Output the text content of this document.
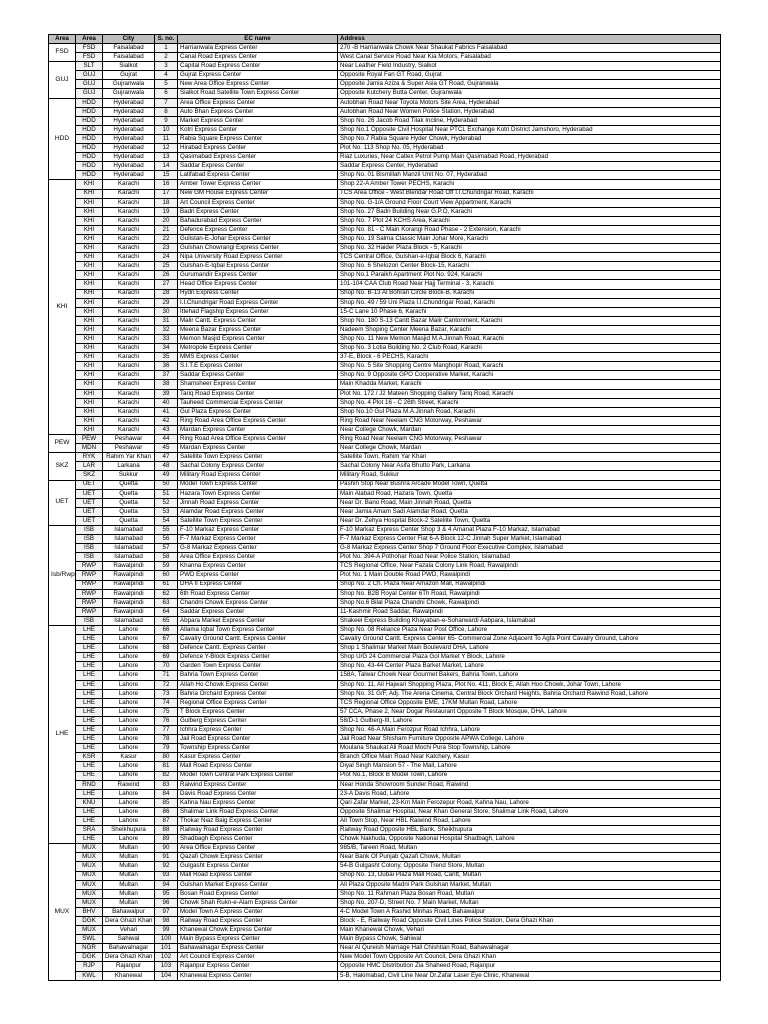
Area	Area	City	S. no.	EC name	Address
FSD	FSD	Faisalabad	1	Harrianwala Express Center	270 -B Harrianwala Chowk Near Shaukat Fabrics Faisalabad
	FSD	Faisalabad	2	Canal Road Express Center	West Canal Service Road Near Kia Motors, Faisalabad
GUJ	SLT	Sialkot	3	Capital Road Express Center	Near Leather Field Industry, Sialkot
	GUJ	Gujrat	4	Gujrat Express Center	Opposite Royal Fan GT Road, Gujrat
	GUJ	Gujranwala	5	New Area Office Express Center	Opposite Jamia Aziza & Super Asia GT Road, Gujranwala
	GUJ	Gujranwala	6	Sialkot Road Satellite Town Express Center	Opposite Kutchery Butta Center, Gujranwala
HDD	HDD	Hyderabad	7	Area Office Express Center	Autobhan Road Near Toyota Motors Site Area, Hyderabad
	HDD	Hyderabad	8	Auto Bhan Express Center	Autobhan Road Near Women Police Station, Hyderabad
	HDD	Hyderabad	9	Market Express Center	Shop No. 26 Jacob Road Tilak Incline, Hyderabad
	HDD	Hyderabad	10	Kotri Express Center	Shop No.1 Opposite Civil Hospital Near PTCL Exchange Kotri District Jamshoro, Hyderabad
	HDD	Hyderabad	11	Rabia Square Express Center	Shop No.7 Rabia Square Hyder Chowk, Hyderabad
	HDD	Hyderabad	12	Hirabad Express Center	Plot No. 113 Shop No. 05, Hyderabad
	HDD	Hyderabad	13	Qasimabad Express Center	Riaz Luxuries, Near Caltex Petrol Pump Main Qasimabad Road, Hyderabad
	HDD	Hyderabad	14	Saddar Express Center	Saddar Express Center, Hyderabad
	HDD	Hyderabad	15	Latifabad Express Center	Shop No. 01 Bismillah Manzil Unit No. 07, Hyderabad
KHI	KHI	Karachi	16	Amber Tower Express Center	Shop 22-A Amber Tower PECHS, Karachi
	KHI	Karachi	17	New GM House Express Center	TCS Area Office - West Blendar Road Off I.I.Chundrigar Road, Karachi
	KHI	Karachi	18	Art Council Express Center	Shop No. G-1/A Ground Floor Court View Appartment, Karachi
	KHI	Karachi	19	Badri Express Center	Shop No. 27 Badri Building Near G.P.O, Karachi
	KHI	Karachi	20	Bahadurabad Express Center	Shop No. 7 Plot 24 KCHS Area, Karachi
	KHI	Karachi	21	Defence Express Center	Shop No. 81 - C Main Korangi Road Phase - 2 Extension, Karachi
	KHI	Karachi	22	Gulistan-E-Johar Express Center	Shop No. 19 Salma Classic Main Johar More, Karachi
	KHI	Karachi	23	Gulshan Chowrangi Express Center	Shop No. 32 Haider Plaza Block - 5, Karachi
	KHI	Karachi	24	Nipa University Road Express Center	TCS Central Office, Gulshan-e-Iqbal Block 6, Karachi
	KHI	Karachi	25	Gulshan-E-Iqbal Express Center	Shop No. 6 Shelozon Center Block-15, Karachi
	KHI	Karachi	26	Gurumandir Express Center	Shop No.1 Paraikh Apartment Plot No. 924, Karachi
	KHI	Karachi	27	Head Office Express Center	101-104 CAA Club Road Near Hajj Terminal - 3, Karachi
	KHI	Karachi	28	Hydri Express Center	Shop No. B-13 Al Bohran Circle Block-B, Karachi
	KHI	Karachi	29	I.I.Chundrigar Road Express Center	Shop No. 49 / 59 Uni Plaza I.I.Chundrigar Road, Karachi
	KHI	Karachi	30	Ittehad Flagship Express Center	15-C Lane 10 Phase 6, Karachi
	KHI	Karachi	31	Malir Cantt. Express Center	Shop No. 180 S-13 Cantt Bazar Malir Cantonment, Karachi
	KHI	Karachi	32	Meena Bazar Express Center	Nadeem Shoping Center Meena Bazar, Karachi
	KHI	Karachi	33	Memon Masjid Express Center	Shop No. 11 New Memon Masjid M.A.Jinnah Road, Karachi
	KHI	Karachi	34	Metropole Express Center	Shop No. 3 Lotia Building No. 2 Club Road, Karachi
	KHI	Karachi	35	MMS Express Center	37-E, Block - 6 PECHS, Karachi
	KHI	Karachi	36	S.I.T.E Express Center	Shop No. 5 Site Shopping Centre Manghopir Road, Karachi
	KHI	Karachi	37	Saddar Express Center	Shop No. 9 Opposite GPO Cooperative Market, Karachi
	KHI	Karachi	38	Shamsheer Express Center	Main Khadda Market, Karachi
	KHI	Karachi	39	Tariq Road Express Center	Plot No. 172 / J2 Mateen Shopping Gallery Tariq Road, Karachi
	KHI	Karachi	40	Tauheed Commercial Express Center	Shop No. 4 Plot 16 - C 26th Street, Karachi
	KHI	Karachi	41	Gul Plaza Express Center	Shop No.10 Gul Plaza M.A.Jinnah Road, Karachi
	KHI	Karachi	42	Ring Road Area Office Express Center	Ring Road Near Neelam CNG Motorway, Peshawar
	KHI	Karachi	43	Mardan Express Center	Near College Chowk, Mardan
PEW	PEW	Peshawar	44	Ring Road Area Office Express Center	Ring Road Near Neelam CNG Motorway, Peshawar
	MDN	Peshawar	45	Mardan Express Center	Near College Chowk, Mardan
SKZ	RYK	Rahim Yar Khan	47	Satellite Town Express Center	Satellite Town, Rahim Yar Khan
	LAR	Larkana	48	Sachal Colony Express Center	Sachal Colony Near Asifa Bhutto Park, Larkana
	SKZ	Sukkur	49	Military Road Express Center	Military Road, Sukkur
UET	UET	Quetta	50	Model Town Express Center	Pashin Stop Near Bushra Arcade Model Town, Quetta
	UET	Quetta	51	Hazara Town Express Center	Main Alabad Road, Hazara Town, Quetta
	UET	Quetta	52	Jinnah Road Express Center	Near Dr. Bano Road, Main Jinnah Road, Quetta
	UET	Quetta	53	Alamdar Road Express Center	Near Jamia Amam Sadi Alamdar Road, Quetta
	UET	Quetta	54	Satellite Town Express Center	Near Dr. Zehya Hospital Block-2 Satellite Town, Quetta
Isb/Rwp	ISB	Islamabad	55	F-10 Markaz Express Center	F-10 Markaz Express Center Shop 3 & 4 Amanat Plaza F-10 Markaz, Islamabad
	ISB	Islamabad	56	F-7 Markaz Express Center	F-7 Markaz Express Center Flat 6-A Block 12-C Jinnah Super Market, Islamabad
	ISB	Islamabad	57	G-8 Markaz Express Center	G-8 Markaz Express Center Shop 7 Ground Floor Executive Complex, Islamabad
	ISB	Islamabad	58	Area Office Express Center	Plot No. 394-A Pothohar Road Near Police Station, Islamabad
	RWP	Rawalpindi	59	Khanna Express Center	TCS Regional Office, Near Fazala Colony Link Road, Rawalpindi
	RWP	Rawalpindi	60	PWD Express Center	Plot No. 1 Main Double Road PWD, Rawalpindi
	RWP	Rawalpindi	61	DHA II Express Center	Shop No. 2 Ch. Plaza Near Amazon Mall, Rawalpindi
	RWP	Rawalpindi	62	6th Road Express Center	Shop No. B2B Royal Center 6Th Road, Rawalpindi
	RWP	Rawalpindi	63	Chandni Chowk Express Center	Shop No.6 Bilal Plaza Chandni Chowk, Rawalpindi
	RWP	Rawalpindi	64	Saddar Express Center	11-Kashmir Road Saddar, Rawalpindi
	ISB	Islamabad	65	Abpara Market Express Center	Shakeel Express Building Khayaban-e-Soharwardi Aabpara, Islamabad
LHE	LHE	Lahore	66	Allama Iqbal Town Express Center	Shop No. 08 Reliance Plaza Near Post Office, Lahore
	LHE	Lahore	67	Cavalry Ground Cantt. Express Center	Cavalry Ground Cantt. Express Center 65- Commercial Zone Adjacent To Agfa Point Cavalry Ground, Lahore
	LHE	Lahore	68	Defence Cantt. Express Center	Shop 1 Shalimar Market Main Boulevard DHA, Lahore
	LHE	Lahore	69	Defence Y-Block Express Center	Shop U/G 24 Commercial Plaza Gol Market Y Block, Lahore
	LHE	Lahore	70	Garden Town Express Center	Shop No. 43-44 Center Plaza Barket Market, Lahore
	LHE	Lahore	71	Bahria Town Express Center	158A, Talwar Chowk Near Gourmet Bakers, Bahria Town, Lahore
	LHE	Lahore	72	Allah Ho Chowk Express Center	Shop No. 11, Ali Hajwari Shopping Plaza, Plot No. 411, Block E, Allah Hoo Chowk, Johar Town, Lahore
	LHE	Lahore	73	Bahria Orchard Express Center	Shop No. 31 G/F, Adj. The Arena Cinema, Central Block Orchard Heights, Bahria Orchard Raiwind Road, Lahore
	LHE	Lahore	74	Regional Office Express Center	TCS Regional Office Opposite EME, 17KM Multan Road, Lahore
	LHE	Lahore	75	T Block Express Center	57 CCA, Phase 2, Near Dogar Restaurant Opposite T Block Mosque, DHA, Lahore
	LHE	Lahore	76	Gulberg Express Center	58/D-1 Gulberg-III, Lahore
	LHE	Lahore	77	Ichhra Express Center	Shop No. 46-A Main Ferozpur Road Ichhra, Lahore
	LHE	Lahore	78	Jail Road Express Center	Jail Road Near Shisham Furniture Opposite APWA College, Lahore
	LHE	Lahore	79	Township Express Center	Moulana Shaukat Ali Road Mochi Pura Stop Township, Lahore
	KSR	Kasur	80	Kasur Express Center	Branch Office Main Road Near Katchery, Kasur
	LHE	Lahore	81	Mall Road Express Center	Diyal Singh Mansion 57 - The Mall, Lahore
	LHE	Lahore	82	Model Town Central Park Express Center	Plot No.1, Block B Model Town, Lahore
	RND	Raiwind	83	Raiwind Express Center	Near Honda Showroom Sunder Road, Raiwind
	LHE	Lahore	84	Davis Road Express Center	23-A Davis Road, Lahore
	KNU	Lahore	85	Kahna Nau Express Center	Qari Zafar Market, 23-Km Main Ferozepur Road, Kahna Nau, Lahore
	LHE	Lahore	86	Shalimar Link Road Express Center	Opposite Shalimar Hospital, Near Khan General Store, Shalimar Link Road, Lahore
	LHE	Lahore	87	Thokar Niaz Baig Express Center	All Town Stop, Near HBL Raiwind Road, Lahore
	SRA	Sheikhupura	88	Railway Road Express Center	Railway Road Opposite HBL Bank, Sheikhupura
	LHE	Lahore	89	Shadbagh Express Center	Chowk Nakhuda, Opposite National Hospital Shadbagh, Lahore
MUX	MUX	Multan	90	Area Office Express Center	985/B, Tareen Road, Multan
	MUX	Multan	91	Qazafi Chowk Express Center	Near Bank Of Punjab Qazafi Chowk, Multan
	MUX	Multan	92	Gulgasht Express Center	54-B Gulgasht Colony, Opposite Trend Store, Multan
	MUX	Multan	93	Mall Road Express Center	Shop No. 13, Dubai Plaza Mall Road, Cantt, Multan
	MUX	Multan	94	Gulshan Market Express Center	All Plaza Opposite Madni Park Gulshan Market, Multan
	MUX	Multan	95	Bosan Road Express Center	Shop No. 11 Rahman Plaza Bosan Road, Multan
	MUX	Multan	96	Chowk Shah Rukn-e-Alam Express Center	Shop No. 207-D, Street No. 7 Main Market, Multan
	BHV	Bahawalpur	97	Model Town A Express Center	4-C Model Town A Rashid Minhas Road, Bahawalpur
	DGK	Dera Ghazi Khan	98	Railway Road Express Center	Block - E, Railway Road Opposite Civil Lines Police Station, Dera Ghazi Khan
	MUX	Vehari	99	Khanewal Chowk Express Center	Main Khanewal Chowk, Vehari
	SWL	Sahiwal	100	Main Bypass Express Center	Main Bypass Chowk, Sahiwal
	NGR	Bahawalnagar	101	Bahawalnagar Express Center	Near Al Qureish Marriage Hall Chishtian Road, Bahawalnagar
	DGK	Dera Ghazi Khan	102	Art Council Express Center	New Model Town Opposite Art Council, Dera Ghazi Khan
	RJP	Rajanpur	103	Rajanpur Express Center	Opposite HMC Distribution Zia Shaheed Road, Rajanpur
	KWL	Khanewal	104	Khanewal Express Center	5-B, Hakimabad, Civil Line Near Dr.Zafar Laser Eye Clinic, Khanewal
